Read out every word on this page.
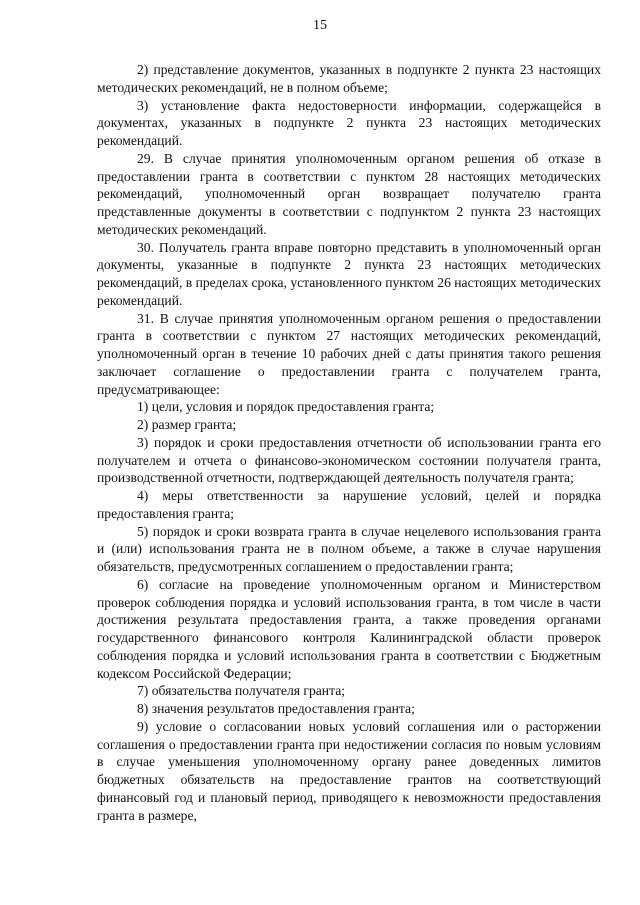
15

2) представление документов, указанных в подпункте 2 пункта 23 настоящих методических рекомендаций, не в полном объеме;

3) установление факта недостоверности информации, содержащейся в документах, указанных в подпункте 2 пункта 23 настоящих методических рекомендаций.

29. В случае принятия уполномоченным органом решения об отказе в предоставлении гранта в соответствии с пунктом 28 настоящих методических рекомендаций, уполномоченный орган возвращает получателю гранта представленные документы в соответствии с подпунктом 2 пункта 23 настоящих методических рекомендаций.

30. Получатель гранта вправе повторно представить в уполномоченный орган документы, указанные в подпункте 2 пункта 23 настоящих методических рекомендаций, в пределах срока, установленного пунктом 26 настоящих методических рекомендаций.

31. В случае принятия уполномоченным органом решения о предоставлении гранта в соответствии с пунктом 27 настоящих методических рекомендаций, уполномоченный орган в течение 10 рабочих дней с даты принятия такого решения заключает соглашение о предоставлении гранта с получателем гранта, предусматривающее:

1) цели, условия и порядок предоставления гранта;

2) размер гранта;

3) порядок и сроки предоставления отчетности об использовании гранта его получателем и отчета о финансово-экономическом состоянии получателя гранта, производственной отчетности, подтверждающей деятельность получателя гранта;

4) меры ответственности за нарушение условий, целей и порядка предоставления гранта;

5) порядок и сроки возврата гранта в случае нецелевого использования гранта и (или) использования гранта не в полном объеме, а также в случае нарушения обязательств, предусмотренных соглашением о предоставлении гранта;

6) согласие на проведение уполномоченным органом и Министерством проверок соблюдения порядка и условий использования гранта, в том числе в части достижения результата предоставления гранта, а также проведения органами государственного финансового контроля Калининградской области проверок соблюдения порядка и условий использования гранта в соответствии с Бюджетным кодексом Российской Федерации;

7) обязательства получателя гранта;

8) значения результатов предоставления гранта;

9) условие о согласовании новых условий соглашения или о расторжении соглашения о предоставлении гранта при недостижении согласия по новым условиям в случае уменьшения уполномоченному органу ранее доведенных лимитов бюджетных обязательств на предоставление грантов на соответствующий финансовый год и плановый период, приводящего к невозможности предоставления гранта в размере,
